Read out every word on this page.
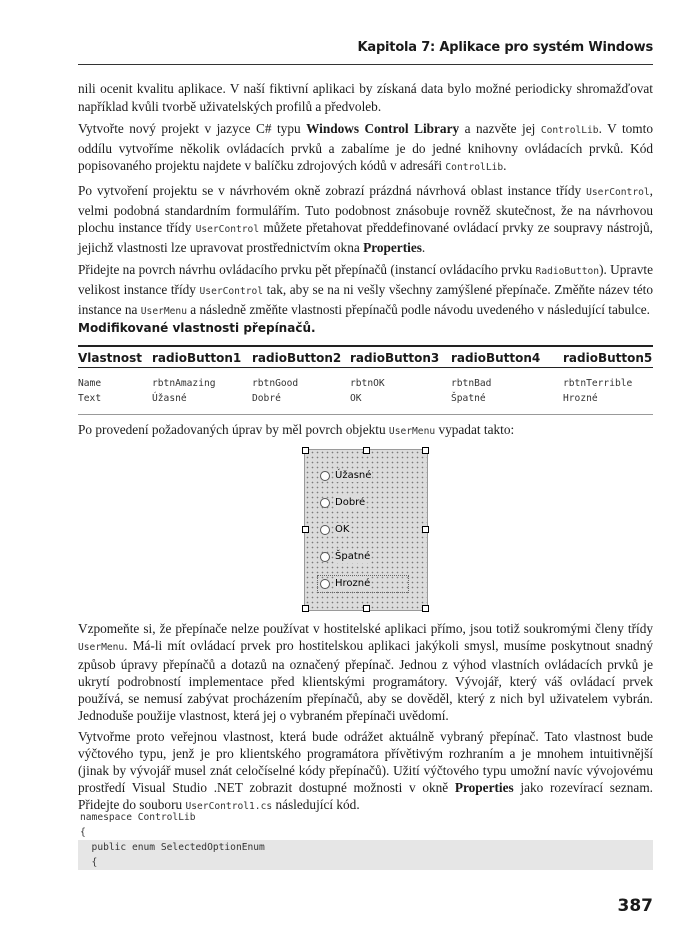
Kapitola 7: Aplikace pro systém Windows

nili ocenit kvalitu aplikace. V naší fiktivní aplikaci by získaná data bylo možné periodicky shromažďovat například kvůli tvorbě uživatelských profilů a předvoleb.

Vytvořte nový projekt v jazyce C# typu Windows Control Library a nazvěte jej ControlLib. V tomto oddílu vytvoříme několik ovládacích prvků a zabalíme je do jedné knihovny ovládacích prvků. Kód popisovaného projektu najdete v balíčku zdrojových kódů v adresáři ControlLib.

Po vytvoření projektu se v návrhovém okně zobrazí prázdná návrhová oblast instance třídy UserControl, velmi podobná standardním formulářím. Tuto podobnost znásobuje rovněž skutečnost, že na návrhovou plochu instance třídy UserControl můžete přetahovat předdefinované ovládací prvky ze soupravy nástrojů, jejichž vlastnosti lze upravovat prostřednictvím okna Properties.

Přidejte na povrch návrhu ovládacího prvku pět přepínačů (instancí ovládacího prvku RadioButton). Upravte velikost instance třídy UserControl tak, aby se na ni vešly všechny zamýšlené přepínače. Změňte název této instance na UserMenu a následně změňte vlastnosti přepínačů podle návodu uvedeného v následující tabulce.

Modifikované vlastnosti přepínačů.
Vlastnost	radioButton1	radioButton2	radioButton3	radioButton4	radioButton5
Name	rbtnAmazing	rbtnGood	rbtnOK	rbtnBad	rbtnTerrible
Text	Úžasné	Dobré	OK	Špatné	Hrozné
Po provedení požadovaných úprav by měl povrch objektu UserMenu vypadat takto:
Úžasné
Dobré
OK
Špatné
Hrozné

Vzpomeňte si, že přepínače nelze používat v hostitelské aplikaci přímo, jsou totiž soukromými členy třídy UserMenu. Má-li mít ovládací prvek pro hostitelskou aplikaci jakýkoli smysl, musíme poskytnout snadný způsob úpravy přepínačů a dotazů na označený přepínač. Jednou z výhod vlastních ovládacích prvků je ukrytí podrobností implementace před klientskými programátory. Vývojář, který váš ovládací prvek používá, se nemusí zabývat procházením přepínačů, aby se dověděl, který z nich byl uživatelem vybrán. Jednoduše použije vlastnost, která jej o vybraném přepínači uvědomí.

Vytvořme proto veřejnou vlastnost, která bude odrážet aktuálně vybraný přepínač. Tato vlastnost bude výčtového typu, jenž je pro klientského programátora přívětivým rozhraním a je mnohem intuitivnější (jinak by vývojář musel znát celočíselné kódy přepínačů). Užití výčtového typu umožní navíc vývojovému prostředí Visual Studio .NET zobrazit dostupné možnosti v okně Properties jako rozevírací seznam. Přidejte do souboru UserControl1.cs následující kód.

namespace ControlLib
{
public enum SelectedOptionEnum
{
387
